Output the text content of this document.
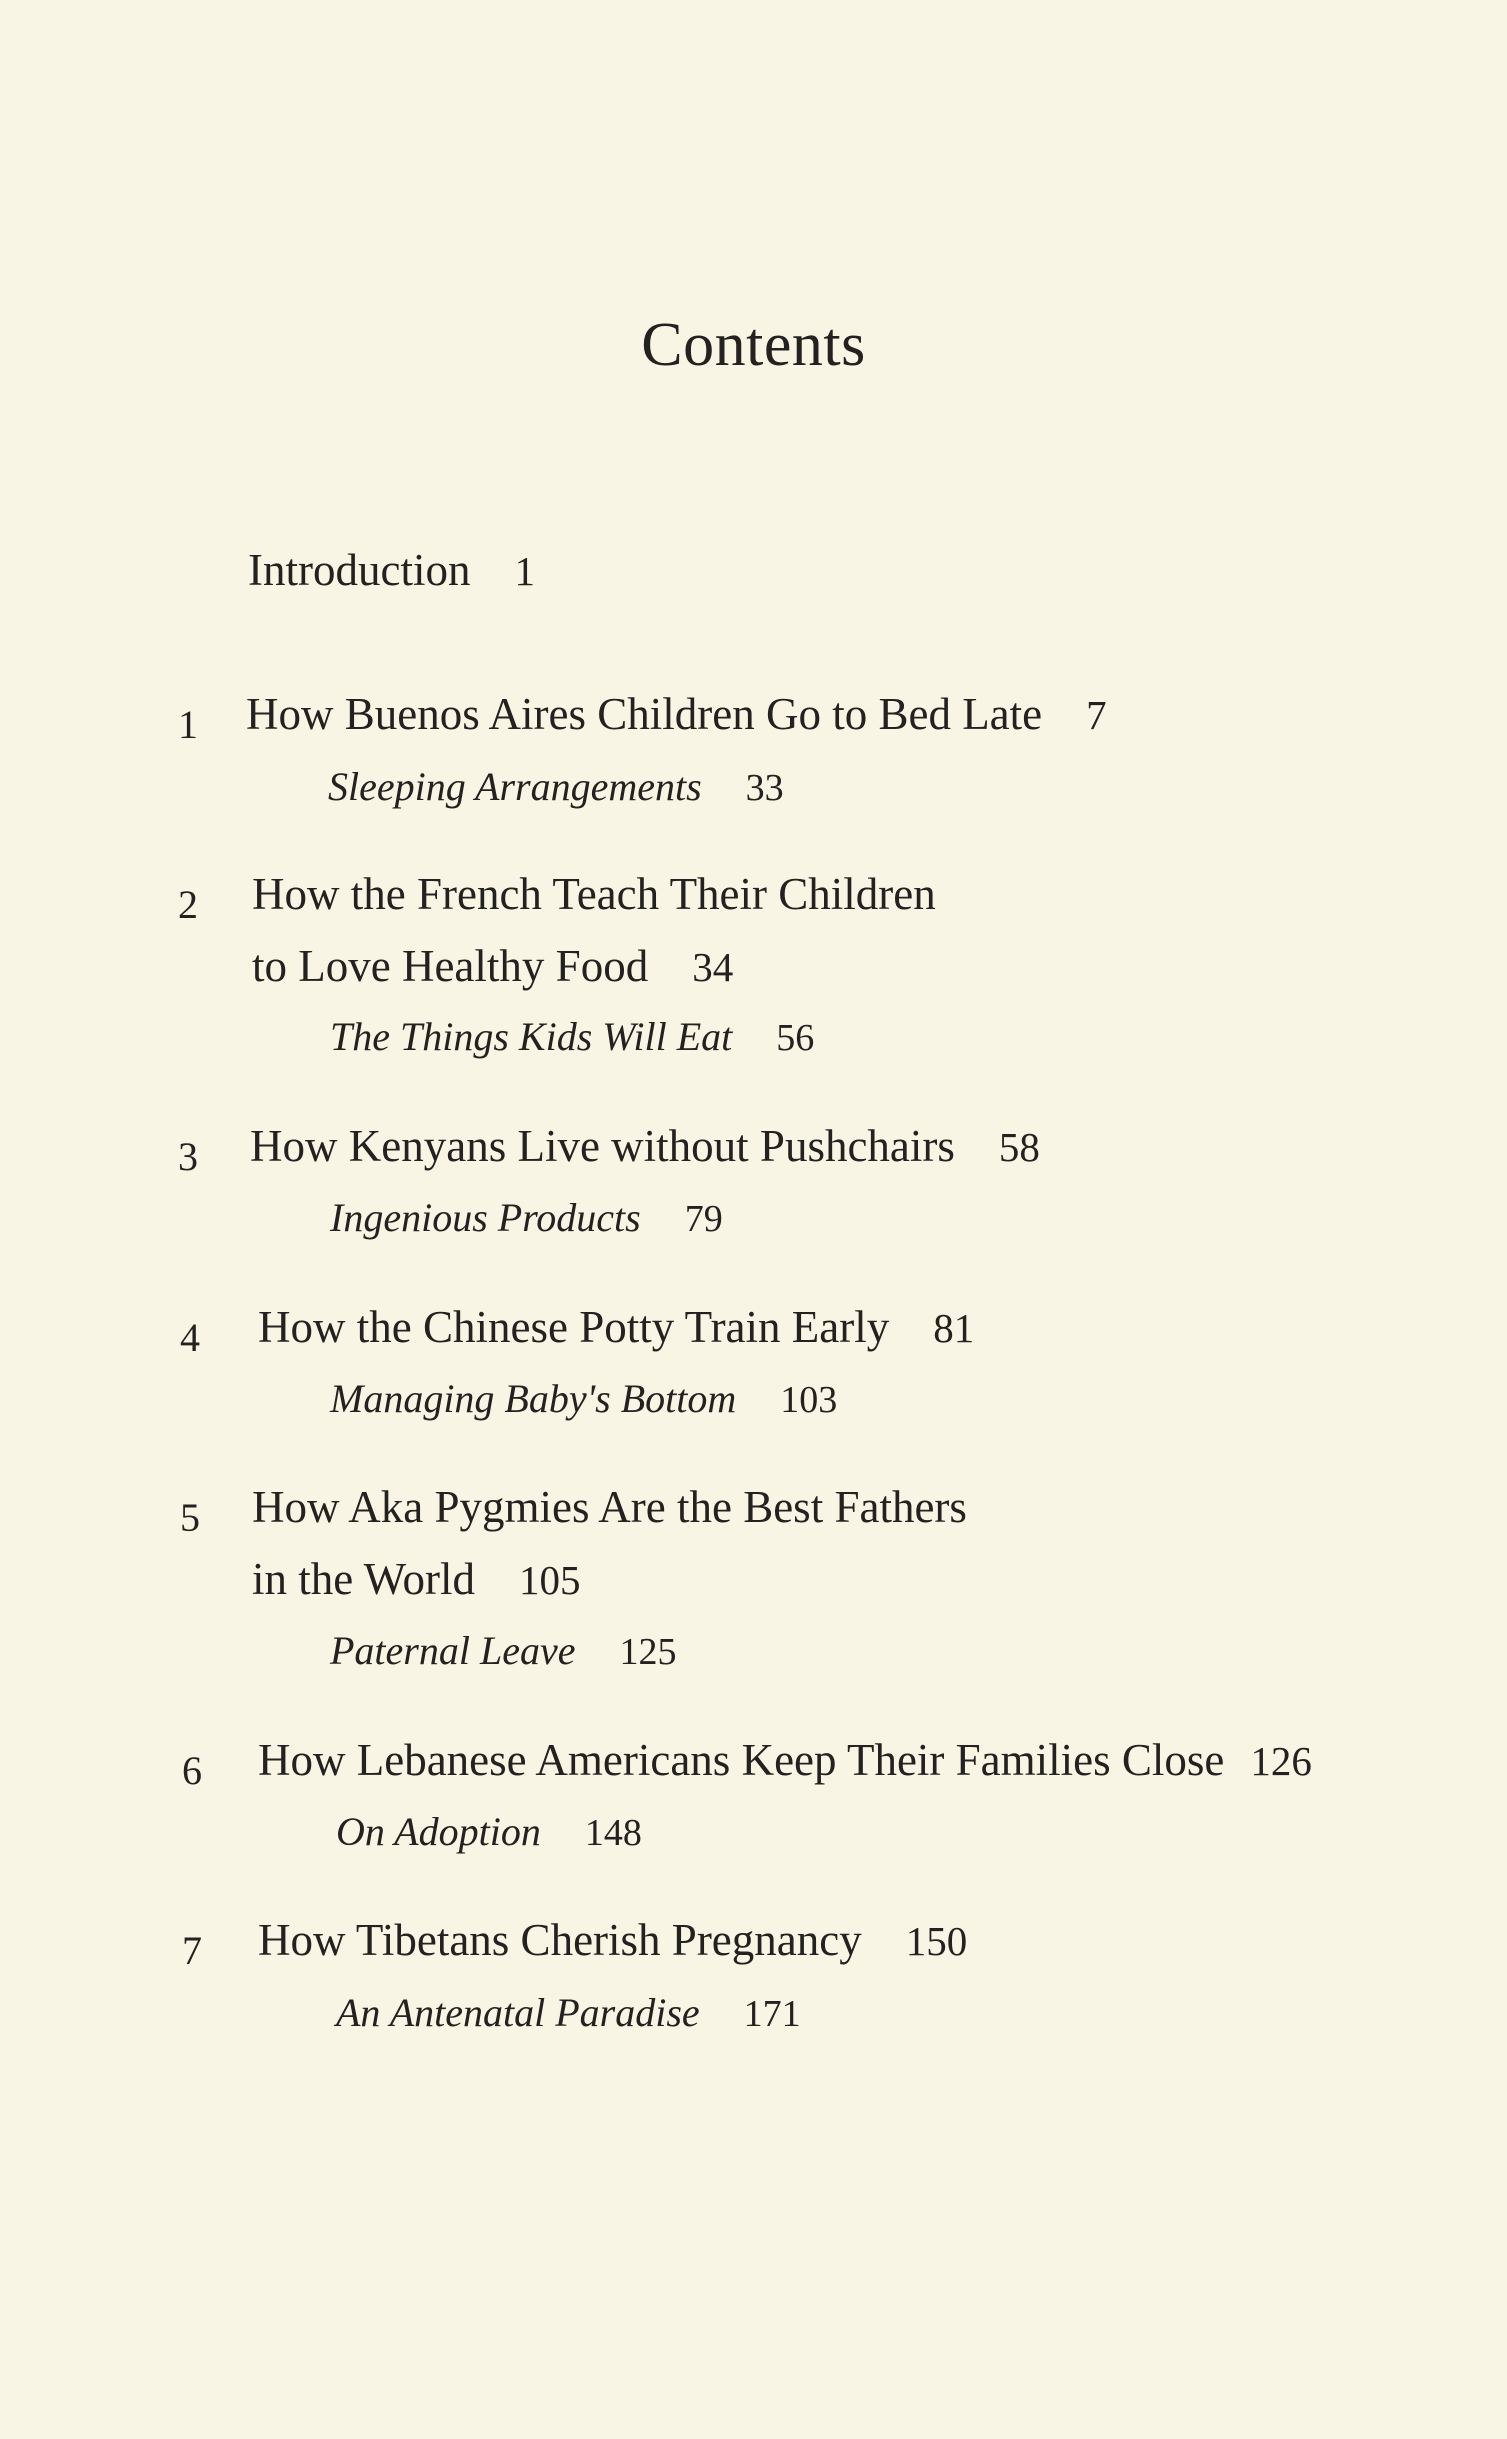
Contents
Introduction 1
1 How Buenos Aires Children Go to Bed Late 7
Sleeping Arrangements 33
2 How the French Teach Their Children
to Love Healthy Food 34
The Things Kids Will Eat 56
3 How Kenyans Live without Pushchairs 58
Ingenious Products 79
4 How the Chinese Potty Train Early 81
Managing Baby's Bottom 103
5 How Aka Pygmies Are the Best Fathers
in the World 105
Paternal Leave 125
6 How Lebanese Americans Keep Their Families Close 126
On Adoption 148
7 How Tibetans Cherish Pregnancy 150
An Antenatal Paradise 171
